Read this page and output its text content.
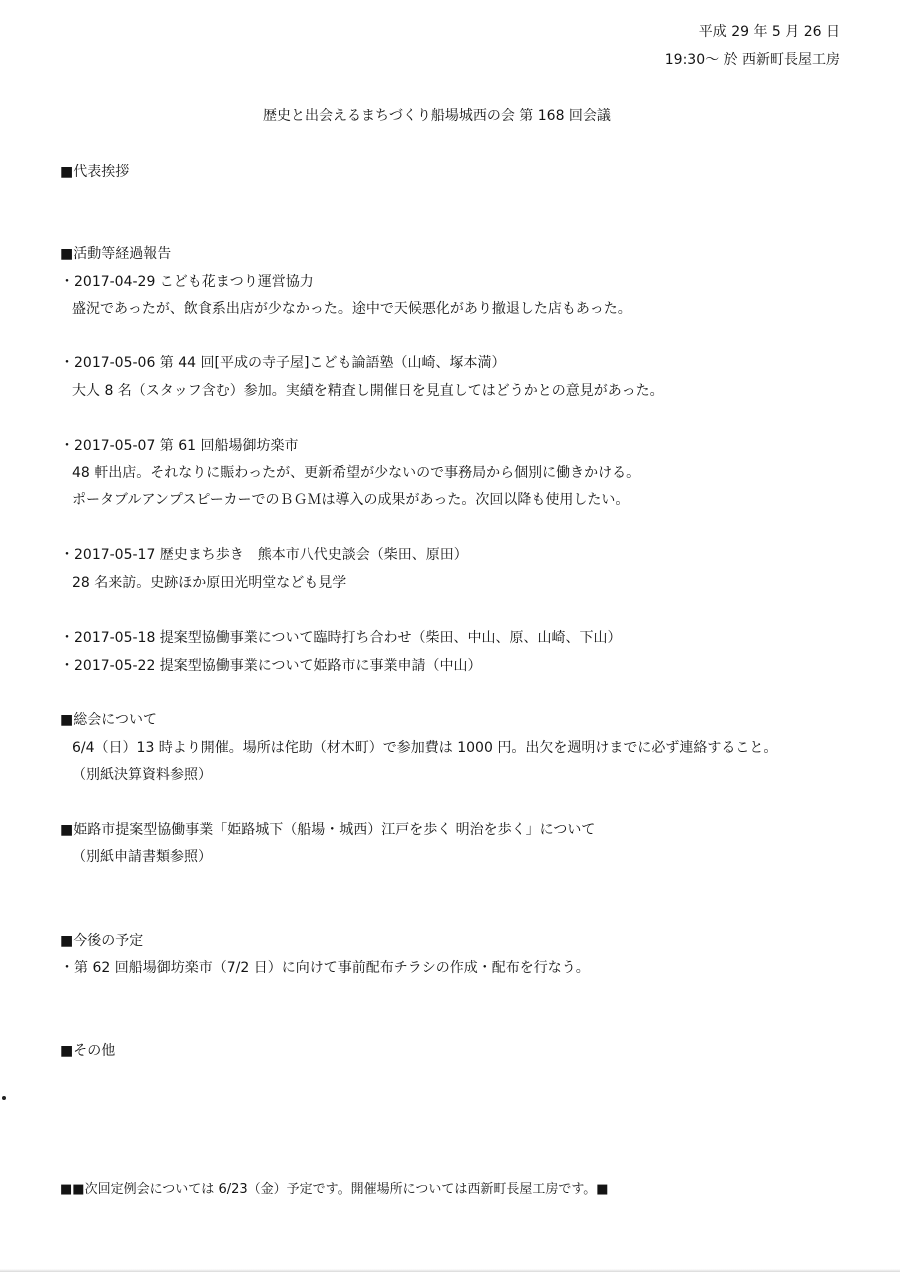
平成 29 年 5 月 26 日
19:30～ 於 西新町長屋工房
歴史と出会えるまちづくり船場城西の会 第 168 回会議
■代表挨拶
■活動等経過報告
・2017-04-29 こども花まつり運営協力
盛況であったが、飲食系出店が少なかった。途中で天候悪化があり撤退した店もあった。
・2017-05-06 第 44 回[平成の寺子屋]こども論語塾（山崎、塚本満）
大人 8 名（スタッフ含む）参加。実績を精査し開催日を見直してはどうかとの意見があった。
・2017-05-07 第 61 回船場御坊楽市
48 軒出店。それなりに賑わったが、更新希望が少ないので事務局から個別に働きかける。
ポータブルアンプスピーカーでのＢＧＭは導入の成果があった。次回以降も使用したい。
・2017-05-17 歴史まち歩き　熊本市八代史談会（柴田、原田）
28 名来訪。史跡ほか原田光明堂なども見学
・2017-05-18 提案型協働事業について臨時打ち合わせ（柴田、中山、原、山崎、下山）
・2017-05-22 提案型協働事業について姫路市に事業申請（中山）
■総会について
6/4（日）13 時より開催。場所は侘助（材木町）で参加費は 1000 円。出欠を週明けまでに必ず連絡すること。
（別紙決算資料参照）
■姫路市提案型協働事業「姫路城下（船場・城西）江戸を歩く 明治を歩く」について
（別紙申請書類参照）
■今後の予定
・第 62 回船場御坊楽市（7/2 日）に向けて事前配布チラシの作成・配布を行なう。
■その他
■■次回定例会については 6/23（金）予定です。開催場所については西新町長屋工房です。■
